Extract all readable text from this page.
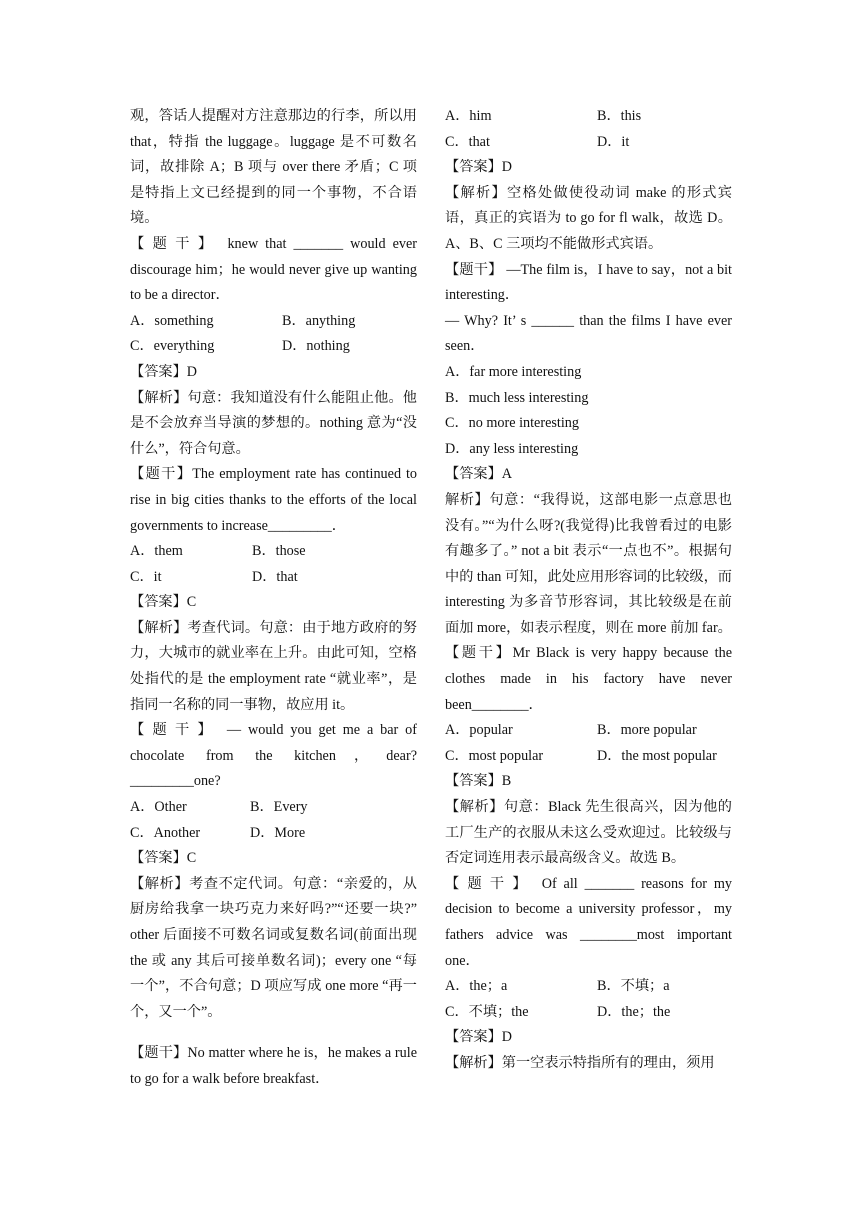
观，答话人提醒对方注意那边的行李，所以用 that，特指 the luggage。luggage 是不可数名词，故排除 A；B 项与 over there 矛盾；C 项是特指上文已经提到的同一个事物，不合语境。

【题干】 knew that _______ would ever discourage him；he would never give up wanting to be a director．

A．something	B．anything
C．everything	D．nothing

【答案】D

【解析】句意：我知道没有什么能阻止他。他是不会放弃当导演的梦想的。nothing 意为“没什么”，符合句意。

【题干】The employment rate has continued to rise in big cities thanks to the efforts of the local governments to increase_________．

A．them	B．those
C．it	D．that

【答案】C

【解析】考查代词。句意：由于地方政府的努力，大城市的就业率在上升。由此可知，空格处指代的是 the employment rate “就业率”，是指同一名称的同一事物，故应用 it。

【题干】 — would you get me a bar of chocolate from the kitchen，dear? _________one?

A．Other	B．Every
C．Another	D．More

【答案】C

【解析】考查不定代词。句意：“亲爱的，从厨房给我拿一块巧克力来好吗?”“还要一块?” other 后面接不可数名词或复数名词(前面出现 the 或 any 其后可接单数名词)；every one “每一个”，不合句意；D 项应写成 one more “再一个，又一个”。

【题干】No matter where he is，he makes a rule to go for a walk before breakfast．

A．him	B．this
C．that	D．it

【答案】D

【解析】空格处做使役动词 make 的形式宾语，真正的宾语为 to go for fl walk，故选 D。A、B、C 三项均不能做形式宾语。

【题干】 —The film is，I have to say，not a bit interesting．

— Why? It’ s ______ than the films I have ever seen．

A．far more interesting

B．much less interesting

C．no more interesting

D．any less interesting

【答案】A

解析】句意：“我得说，这部电影一点意思也没有。”“为什么呀?(我觉得)比我曾看过的电影有趣多了。” not a bit 表示“一点也不”。根据句中的 than 可知，此处应用形容词的比较级，而 interesting 为多音节形容词，其比较级是在前面加 more，如表示程度，则在 more 前加 far。

【题干】Mr Black is very happy because the clothes made in his factory have never been________．

A．popular	B．more popular
C．most popular	D．the most popular

【答案】B

【解析】句意：Black 先生很高兴，因为他的工厂生产的衣服从未这么受欢迎过。比较级与否定词连用表示最高级含义。故选 B。

【题干】 Of all _______ reasons for my decision to become a university professor，my fathers advice was ________most important one．

A．the；a	B．不填；a
C．不填；the	D．the；the

【答案】D

【解析】第一空表示特指所有的理由，须用
